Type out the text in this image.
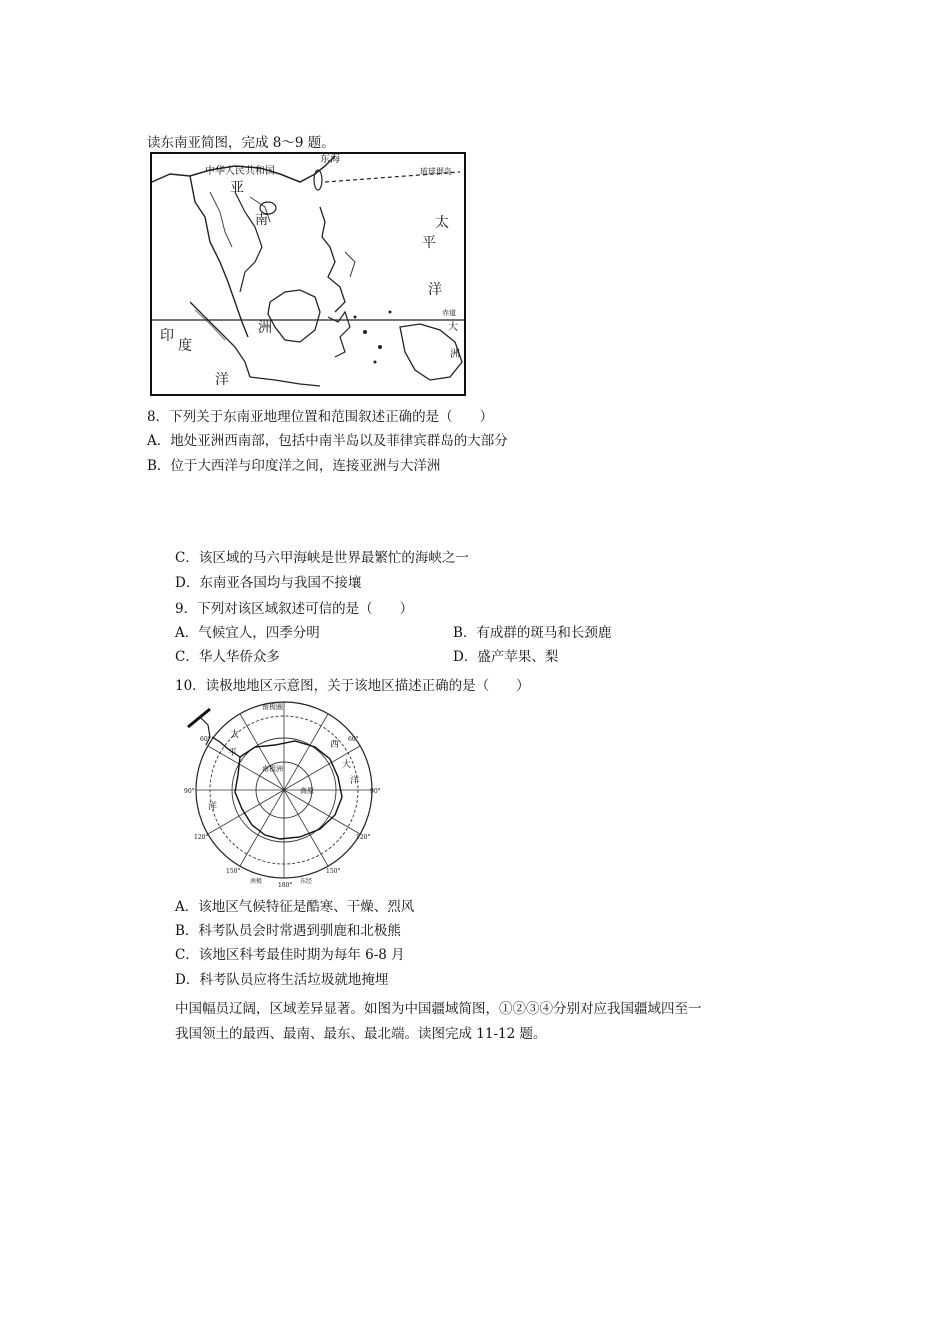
读东南亚简图，完成 8～9 题。
中华人民共和国
亚
东海
琉球群岛
南	太
平
洋
赤道
洲
印
度
洋
大
洲
8．下列关于东南亚地理位置和范围叙述正确的是（　　）
A．地处亚洲西南部，包括中南半岛以及菲律宾群岛的大部分
B．位于大西洋与印度洋之间，连接亚洲与大洋洲
C．该区域的马六甲海峡是世界最繁忙的海峡之一
D．东南亚各国均与我国不接壤
9．下列对该区域叙述可信的是（　　）
A．气候宜人，四季分明	B．有成群的斑马和长颈鹿
C．华人华侨众多	D．盛产苹果、梨
10．读极地地区示意图，关于该地区描述正确的是（　　）
南极圈
太
平
洋
西
大
洋
南极洲
高原
60°	60°
90°	90°
120°	120°
150°	150°
180°
南极	东经
A．该地区气候特征是酷寒、干燥、烈风
B．科考队员会时常遇到驯鹿和北极熊
C．该地区科考最佳时期为每年 6-8 月
D．科考队员应将生活垃圾就地掩埋
中国幅员辽阔，区域差异显著。如图为中国疆域简图，①②③④分别对应我国疆域四至一
我国领土的最西、最南、最东、最北端。读图完成 11-12 题。
